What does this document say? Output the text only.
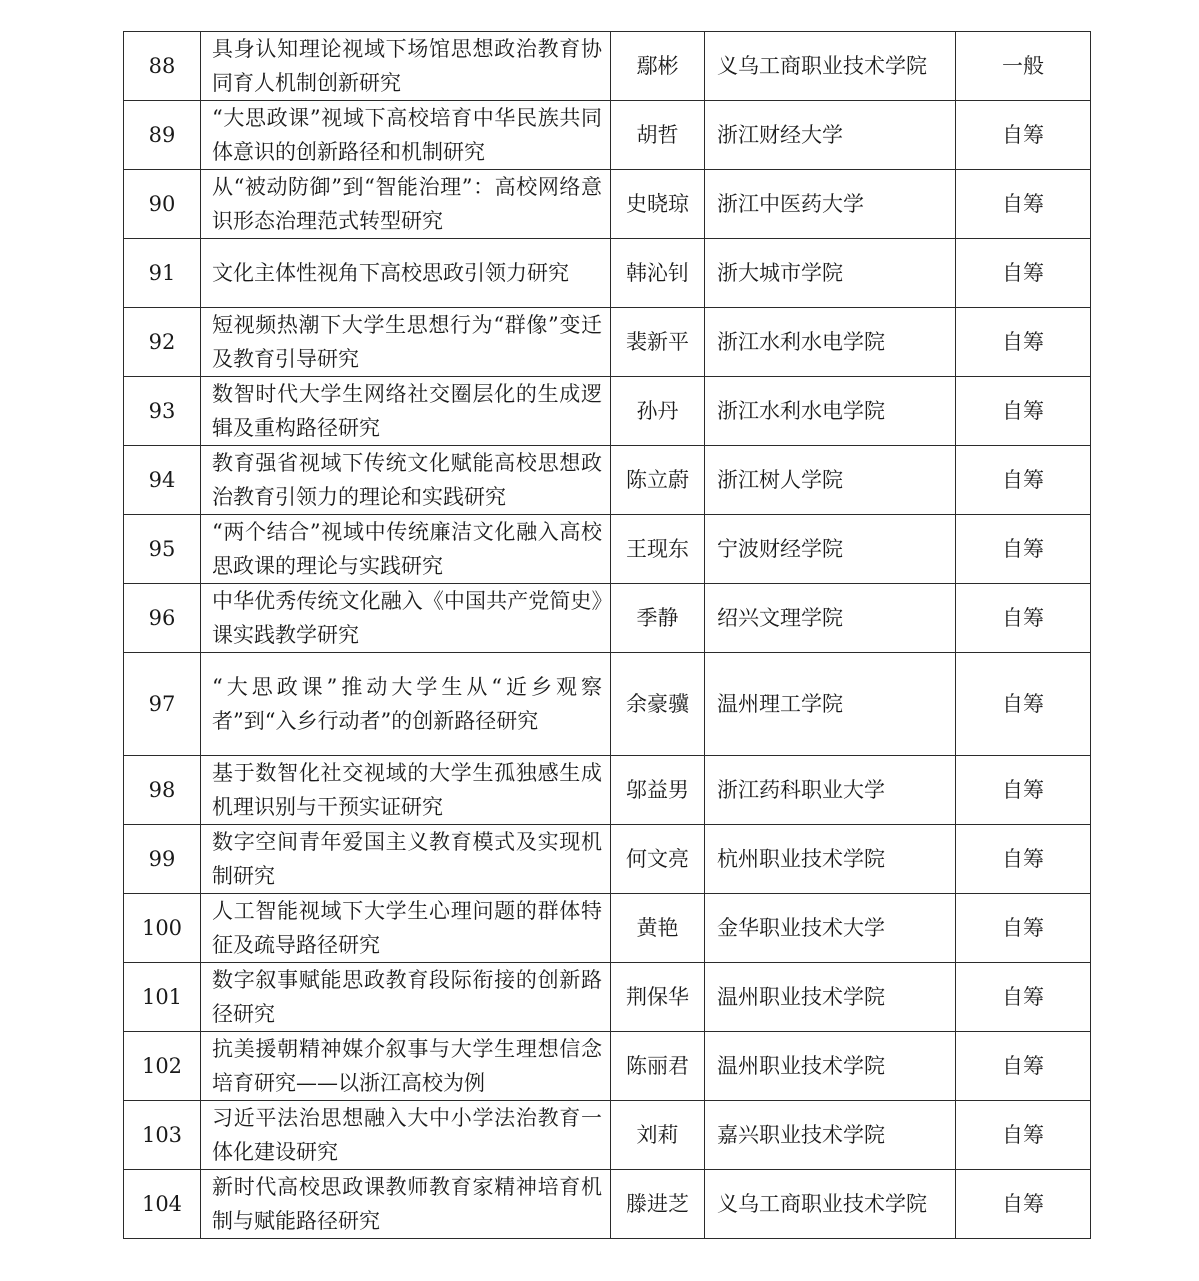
88	具身认知理论视域下场馆思想政治教育协同育人机制创新研究	鄢彬	义乌工商职业技术学院	一般
89	“大思政课”视域下高校培育中华民族共同体意识的创新路径和机制研究	胡哲	浙江财经大学	自筹
90	从“被动防御”到“智能治理”：高校网络意识形态治理范式转型研究	史晓琼	浙江中医药大学	自筹
91	文化主体性视角下高校思政引领力研究	韩沁钊	浙大城市学院	自筹
92	短视频热潮下大学生思想行为“群像”变迁及教育引导研究	裴新平	浙江水利水电学院	自筹
93	数智时代大学生网络社交圈层化的生成逻辑及重构路径研究	孙丹	浙江水利水电学院	自筹
94	教育强省视域下传统文化赋能高校思想政治教育引领力的理论和实践研究	陈立蔚	浙江树人学院	自筹
95	“两个结合”视域中传统廉洁文化融入高校思政课的理论与实践研究	王现东	宁波财经学院	自筹
96	中华优秀传统文化融入《中国共产党简史》课实践教学研究	季静	绍兴文理学院	自筹
97	“大思政课”推动大学生从“近乡观察者”到“入乡行动者”的创新路径研究	余豪骥	温州理工学院	自筹
98	基于数智化社交视域的大学生孤独感生成机理识别与干预实证研究	邬益男	浙江药科职业大学	自筹
99	数字空间青年爱国主义教育模式及实现机制研究	何文亮	杭州职业技术学院	自筹
100	人工智能视域下大学生心理问题的群体特征及疏导路径研究	黄艳	金华职业技术大学	自筹
101	数字叙事赋能思政教育段际衔接的创新路径研究	荆保华	温州职业技术学院	自筹
102	抗美援朝精神媒介叙事与大学生理想信念培育研究——以浙江高校为例	陈丽君	温州职业技术学院	自筹
103	习近平法治思想融入大中小学法治教育一体化建设研究	刘莉	嘉兴职业技术学院	自筹
104	新时代高校思政课教师教育家精神培育机制与赋能路径研究	滕进芝	义乌工商职业技术学院	自筹
